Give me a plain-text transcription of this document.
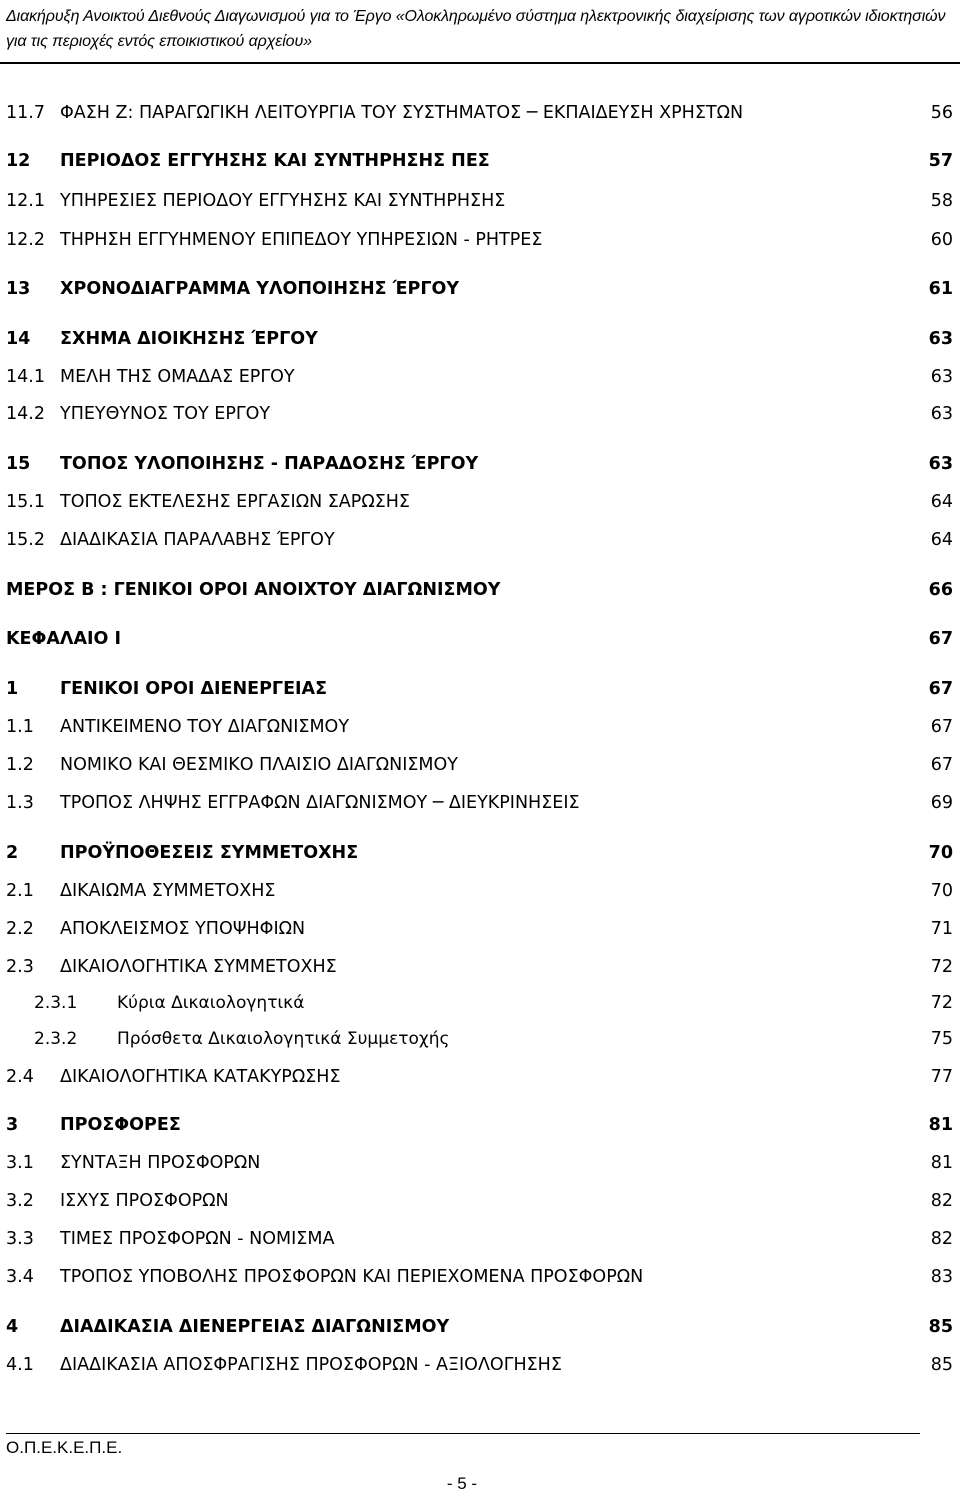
Διακήρυξη Ανοικτού Διεθνούς Διαγωνισμού για το Έργο «Ολοκληρωμένο σύστημα ηλεκτρονικής διαχείρισης των αγροτικών ιδιοκτησιών
για τις περιοχές εντός εποικιστικού αρχείου»
11.7 ΦΑΣΗ Ζ: ΠΑΡΑΓΩΓΙΚΗ ΛΕΙΤΟΥΡΓΙΑ ΤΟΥ ΣΥΣΤΗΜΑΤΟΣ ─ ΕΚΠΑΙΔΕΥΣΗ ΧΡΗΣΤΩΝ	56
12 ΠΕΡΙΟΔΟΣ ΕΓΓΥΗΣΗΣ ΚΑΙ ΣΥΝΤΗΡΗΣΗΣ ΠΕΣ	57
12.1 ΥΠΗΡΕΣΙΕΣ ΠΕΡΙΟΔΟΥ ΕΓΓΥΗΣΗΣ ΚΑΙ ΣΥΝΤΗΡΗΣΗΣ	58
12.2 ΤΗΡΗΣΗ ΕΓΓΥΗΜΕΝΟΥ ΕΠΙΠΕΔΟΥ ΥΠΗΡΕΣΙΩΝ - ΡΗΤΡΕΣ	60
13 ΧΡΟΝΟΔΙΑΓΡΑΜΜΑ ΥΛΟΠΟΙΗΣΗΣ ΈΡΓΟΥ	61
14 ΣΧΗΜΑ ΔΙΟΙΚΗΣΗΣ ΈΡΓΟΥ	63
14.1 ΜΕΛΗ ΤΗΣ ΟΜΑΔΑΣ ΕΡΓΟΥ	63
14.2 ΥΠΕΥΘΥΝΟΣ ΤΟΥ ΕΡΓΟΥ	63
15 ΤΟΠΟΣ ΥΛΟΠΟΙΗΣΗΣ - ΠΑΡΑΔΟΣΗΣ ΈΡΓΟΥ	63
15.1 ΤΟΠΟΣ ΕΚΤΕΛΕΣΗΣ ΕΡΓΑΣΙΩΝ ΣΑΡΩΣΗΣ	64
15.2 ΔΙΑΔΙΚΑΣΙΑ ΠΑΡΑΛΑΒΗΣ ΈΡΓΟΥ	64
ΜΕΡΟΣ Β : ΓΕΝΙΚΟΙ ΟΡΟΙ ΑΝΟΙΧΤΟΥ ΔΙΑΓΩΝΙΣΜΟΥ	66
ΚΕΦΑΛΑΙΟ Ι	67
1 ΓΕΝΙΚΟΙ ΟΡΟΙ ΔΙΕΝΕΡΓΕΙΑΣ	67
1.1 ΑΝΤΙΚΕΙΜΕΝΟ ΤΟΥ ΔΙΑΓΩΝΙΣΜΟΥ	67
1.2 ΝΟΜΙΚΟ ΚΑΙ ΘΕΣΜΙΚΟ ΠΛΑΙΣΙΟ ΔΙΑΓΩΝΙΣΜΟΥ	67
1.3 ΤΡΟΠΟΣ ΛΗΨΗΣ ΕΓΓΡΑΦΩΝ ΔΙΑΓΩΝΙΣΜΟΥ ─ ΔΙΕΥΚΡΙΝΗΣΕΙΣ	69
2 ΠΡΟΫΠΟΘΕΣΕΙΣ ΣΥΜΜΕΤΟΧΗΣ	70
2.1 ΔΙΚΑΙΩΜΑ ΣΥΜΜΕΤΟΧΗΣ	70
2.2 ΑΠΟΚΛΕΙΣΜΟΣ ΥΠΟΨΗΦΙΩΝ	71
2.3 ΔΙΚΑΙΟΛΟΓΗΤΙΚΑ ΣΥΜΜΕΤΟΧΗΣ	72
2.3.1 Κύρια Δικαιολογητικά	72
2.3.2 Πρόσθετα Δικαιολογητικά Συμμετοχής	75
2.4 ΔΙΚΑΙΟΛΟΓΗΤΙΚΑ ΚΑΤΑΚΥΡΩΣΗΣ	77
3 ΠΡΟΣΦΟΡΕΣ	81
3.1 ΣΥΝΤΑΞΗ ΠΡΟΣΦΟΡΩΝ	81
3.2 ΙΣΧΥΣ ΠΡΟΣΦΟΡΩΝ	82
3.3 ΤΙΜΕΣ ΠΡΟΣΦΟΡΩΝ - ΝΟΜΙΣΜΑ	82
3.4 ΤΡΟΠΟΣ ΥΠΟΒΟΛΗΣ ΠΡΟΣΦΟΡΩΝ ΚΑΙ ΠΕΡΙΕΧΟΜΕΝΑ ΠΡΟΣΦΟΡΩΝ	83
4 ΔΙΑΔΙΚΑΣΙΑ ΔΙΕΝΕΡΓΕΙΑΣ ΔΙΑΓΩΝΙΣΜΟΥ	85
4.1 ΔΙΑΔΙΚΑΣΙΑ ΑΠΟΣΦΡΑΓΙΣΗΣ ΠΡΟΣΦΟΡΩΝ - ΑΞΙΟΛΟΓΗΣΗΣ	85
Ο.Π.Ε.Κ.Ε.Π.Ε.
- 5 -
